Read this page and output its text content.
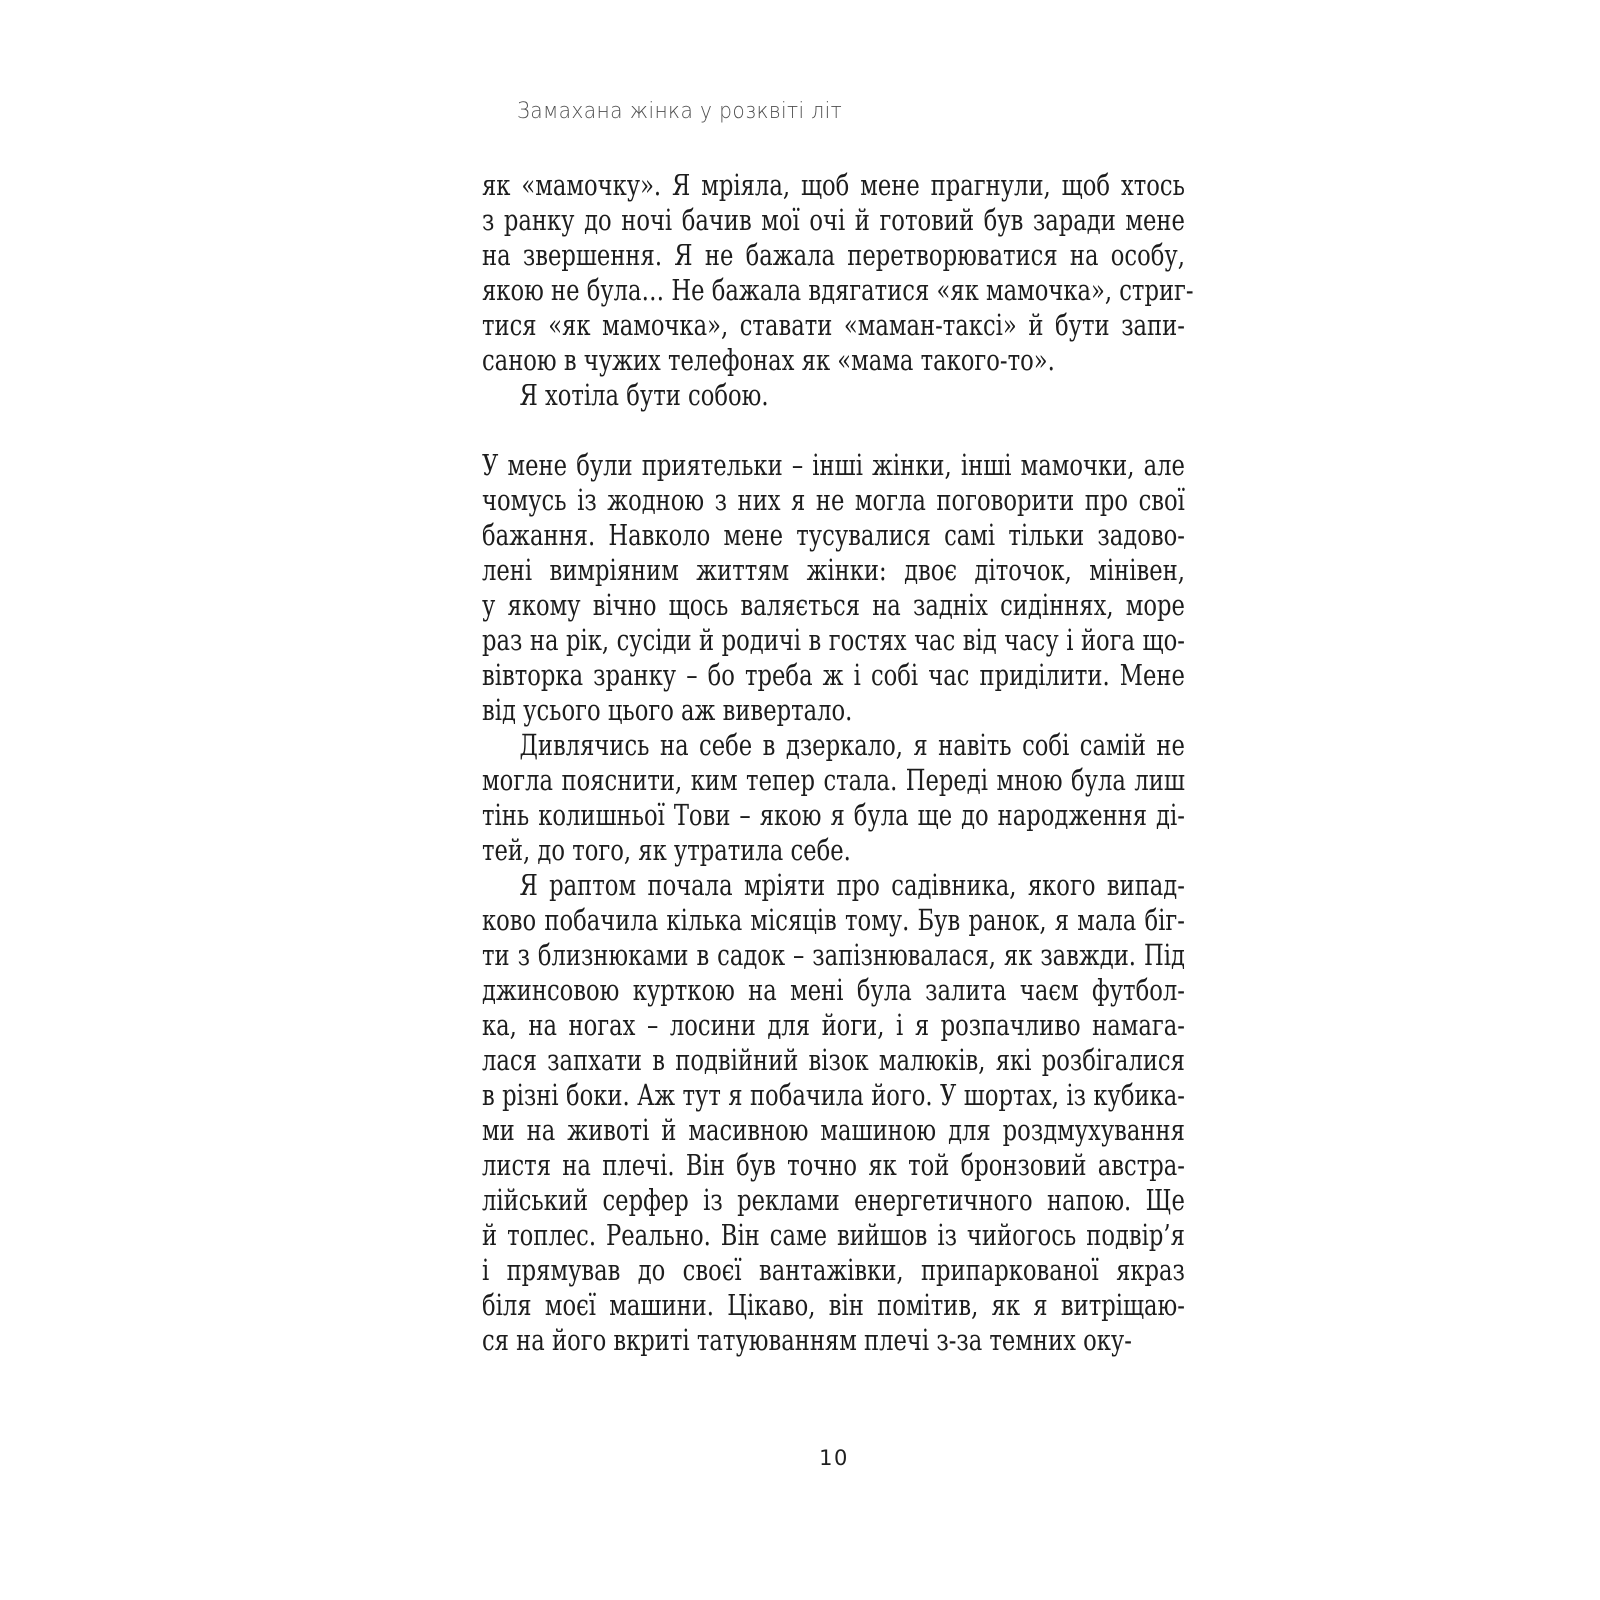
Замахана жінка у розквіті літ
як «мамочку». Я мріяла, щоб мене прагнули, щоб хтось
з ранку до ночі бачив мої очі й готовий був заради мене
на звершення. Я не бажала перетворюватися на особу,
якою не була… Не бажала вдягатися «як мамочка», стриг-
тися «як мамочка», ставати «маман-таксі» й бути запи-
саною в чужих телефонах як «мама такого-то».
Я хотіла бути собою.
У мене були приятельки – інші жінки, інші мамочки, але
чомусь із жодною з них я не могла поговорити про свої
бажання. Навколо мене тусувалися самі тільки задово-
лені вимріяним життям жінки: двоє діточок, мінівен,
у якому вічно щось валяється на задніх сидіннях, море
раз на рік, сусіди й родичі в гостях час від часу і йога що-
вівторка зранку – бо треба ж і собі час приділити. Мене
від усього цього аж вивертало.
Дивлячись на себе в дзеркало, я навіть собі самій не
могла пояснити, ким тепер стала. Переді мною була лиш
тінь колишньої Тови – якою я була ще до народження ді-
тей, до того, як утратила себе.
Я раптом почала мріяти про садівника, якого випад-
ково побачила кілька місяців тому. Був ранок, я мала біг-
ти з близнюками в садок – запізнювалася, як завжди. Під
джинсовою курткою на мені була залита чаєм футбол-
ка, на ногах – лосини для йоги, і я розпачливо намага-
лася запхати в подвійний візок малюків, які розбігалися
в різні боки. Аж тут я побачила його. У шортах, із кубика-
ми на животі й масивною машиною для роздмухування
листя на плечі. Він був точно як той бронзовий австра-
лійський серфер із реклами енергетичного напою. Ще
й топлес. Реально. Він саме вийшов із чийогось подвір’я
і прямував до своєї вантажівки, припаркованої якраз
біля моєї машини. Цікаво, він помітив, як я витріщаю-
ся на його вкриті татуюванням плечі з-за темних оку-
10
